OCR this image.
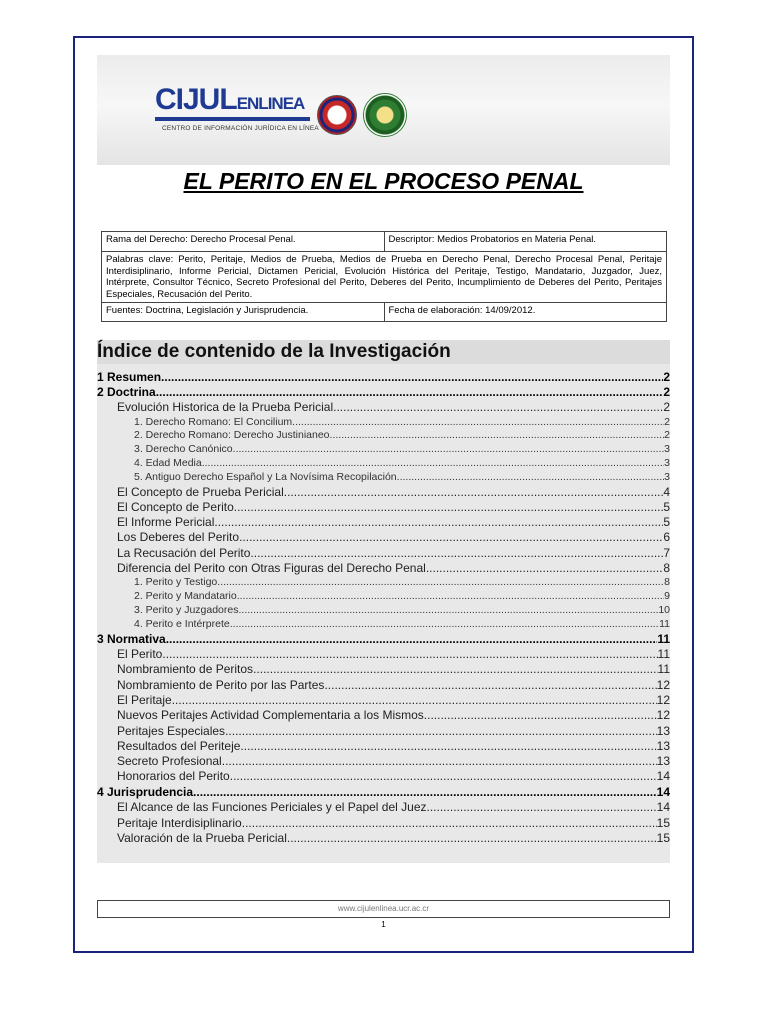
CIJULENLINEA
CENTRO DE INFORMACIÓN JURÍDICA EN LÍNEA
EL PERITO EN EL PROCESO PENAL
Rama del Derecho: Derecho Procesal Penal.	Descriptor: Medios Probatorios en Materia Penal.
Palabras clave: Perito, Peritaje, Medios de Prueba, Medios de Prueba en Derecho Penal, Derecho Procesal Penal, Peritaje Interdisiplinario, Informe Pericial, Dictamen Pericial, Evolución Histórica del Peritaje, Testigo, Mandatario, Juzgador, Juez, Intérprete, Consultor Técnico, Secreto Profesional del Perito, Deberes del Perito, Incumplimiento de Deberes del Perito, Peritajes Especiales, Recusación del Perito.	
Fuentes: Doctrina, Legislación y Jurisprudencia.	Fecha de elaboración: 14/09/2012.
Índice de contenido de la Investigación
1 Resumen .....	2
2 Doctrina .....	2
Evolución Historica de la Prueba Pericial .....	2
1. Derecho Romano: El Concilium .....	2
2. Derecho Romano: Derecho Justinianeo .....	2
3. Derecho Canónico .....	3
4. Edad Media .....	3
5. Antiguo Derecho Español y La Novísima Recopilación .....	3
El Concepto de Prueba Pericial .....	4
El Concepto de Perito .....	5
El Informe Pericial .....	5
Los Deberes del Perito .....	6
La Recusación del Perito .....	7
Diferencia del Perito con Otras Figuras del Derecho Penal .....	8
1. Perito y Testigo .....	8
2. Perito y Mandatario .....	9
3. Perito y Juzgadores .....	10
4. Perito e Intérprete .....	11
3 Normativa .....	11
El Perito .....	11
Nombramiento de Peritos .....	11
Nombramiento de Perito por las Partes .....	12
El Peritaje .....	12
Nuevos Peritajes Actividad Complementaria a los Mismos .....	12
Peritajes Especiales .....	13
Resultados del Periteje .....	13
Secreto Profesional .....	13
Honorarios del Perito .....	14
4 Jurisprudencia .....	14
El Alcance de las Funciones Periciales y el Papel del Juez .....	14
Peritaje Interdisiplinario .....	15
Valoración de la Prueba Pericial .....	15
www.cijulenlinea.ucr.ac.cr
1
